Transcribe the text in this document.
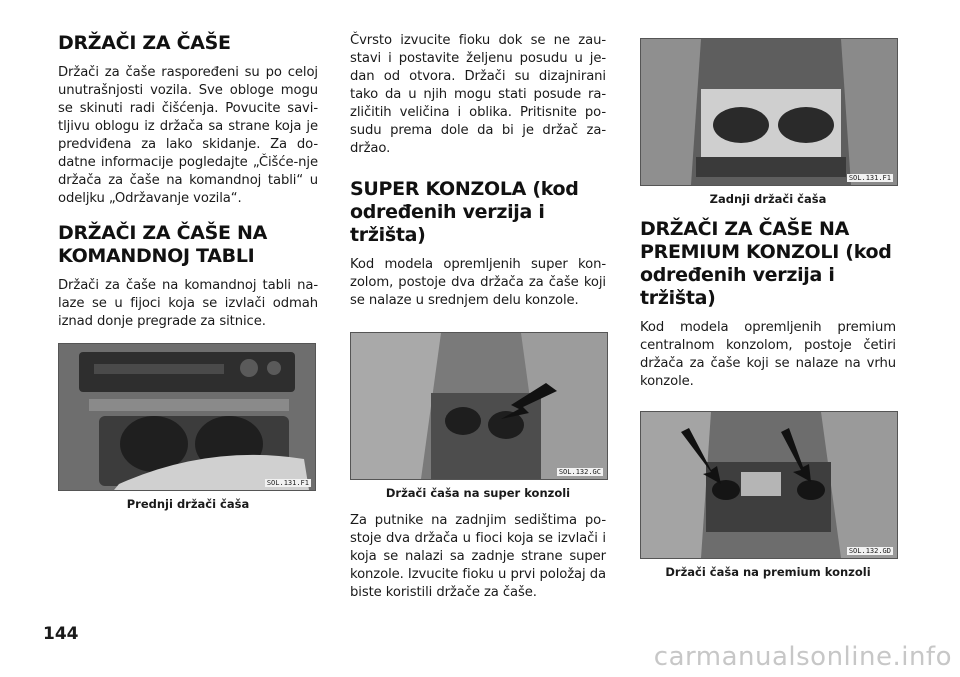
DRŽAČI ZA ČAŠE

Držači za čaše raspoređeni su po celoj unutrašnjosti vozila. Sve obloge mogu se skinuti radi čišćenja. Povucite savi-tljivu oblogu iz držača sa strane koja je predviđena za lako skidanje. Za do-datne informacije pogledajte „Čišće-nje držača za čaše na komandnoj tabli“ u odeljku „Održavanje vozila“.

DRŽAČI ZA ČAŠE NA KOMANDNOJ TABLI

Držači za čaše na komandnoj tabli na-laze se u fijoci koja se izvlači odmah iznad donje pregrade za sitnice.

SOL.131.F1
Prednji držači čaša

Čvrsto izvucite fioku dok se ne zau-stavi i postavite željenu posudu u je-dan od otvora. Držači su dizajnirani tako da u njih mogu stati posude ra-zličitih veličina i oblika. Pritisnite po-sudu prema dole da bi je držač za-držao.

SUPER KONZOLA (kod određenih verzija i tržišta)

Kod modela opremljenih super kon-zolom, postoje dva držača za čaše koji se nalaze u srednjem delu konzole.

SOL.132.GC
Držači čaša na super konzoli

Za putnike na zadnjim sedištima po-stoje dva držača u fioci koja se izvlači i koja se nalazi sa zadnje strane super konzole. Izvucite fioku u prvi položaj da biste koristili držače za čaše.

SOL.131.F1
Zadnji držači čaša
DRŽAČI ZA ČAŠE NA PREMIUM KONZOLI (kod određenih verzija i tržišta)

Kod modela opremljenih premium centralnom konzolom, postoje četiri držača za čaše koji se nalaze na vrhu konzole.

SOL.132.GD
Držači čaša na premium konzoli
144
carmanualsonline.info
